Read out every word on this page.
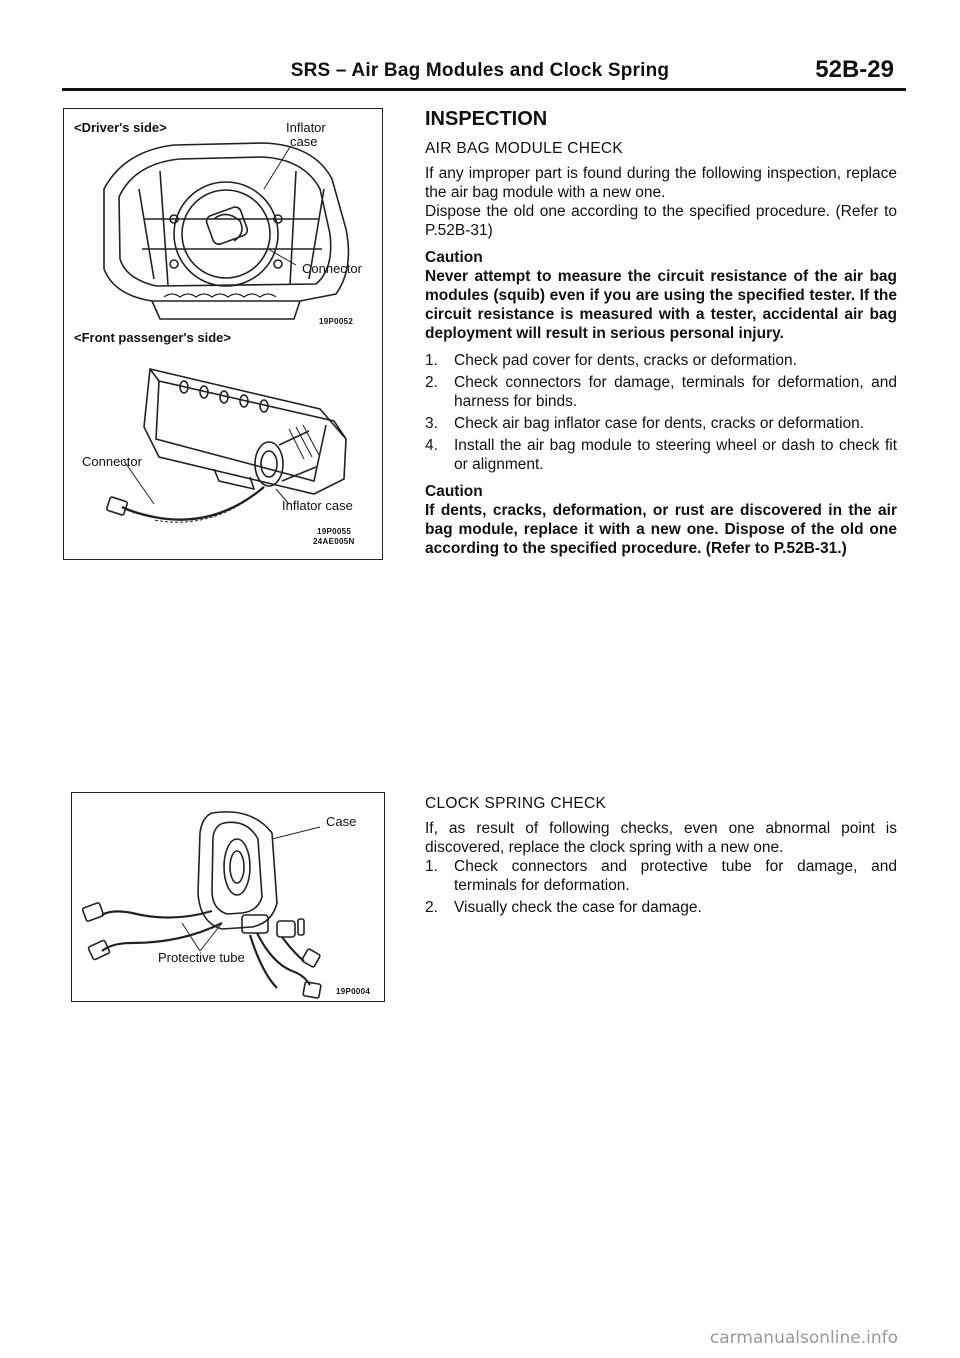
SRS – Air Bag Modules and Clock Spring	52B-29
<Driver's side>	Inflator
case
Connector
19P0052
<Front passenger's side>
Connector
Inflator case
19P0055
24AE005N
Case
Protective tube
19P0004
INSPECTION
AIR BAG MODULE CHECK

If any improper part is found during the following inspection, replace the air bag module with a new one.

Dispose the old one according to the specified procedure. (Refer to P.52B-31)

Caution
Never attempt to measure the circuit resistance of the air bag modules (squib) even if you are using the specified tester. If the circuit resistance is measured with a tester, accidental air bag deployment will result in serious personal injury.
1. Check pad cover for dents, cracks or deformation.
2. Check connectors for damage, terminals for deformation, and harness for binds.
3. Check air bag inflator case for dents, cracks or deformation.
4. Install the air bag module to steering wheel or dash to check fit or alignment.
Caution
If dents, cracks, deformation, or rust are discovered in the air bag module, replace it with a new one. Dispose of the old one according to the specified procedure. (Refer to P.52B-31.)
CLOCK SPRING CHECK

If, as result of following checks, even one abnormal point is discovered, replace the clock spring with a new one.

1. Check connectors and protective tube for damage, and terminals for deformation.
2. Visually check the case for damage.
carmanualsonline.info
